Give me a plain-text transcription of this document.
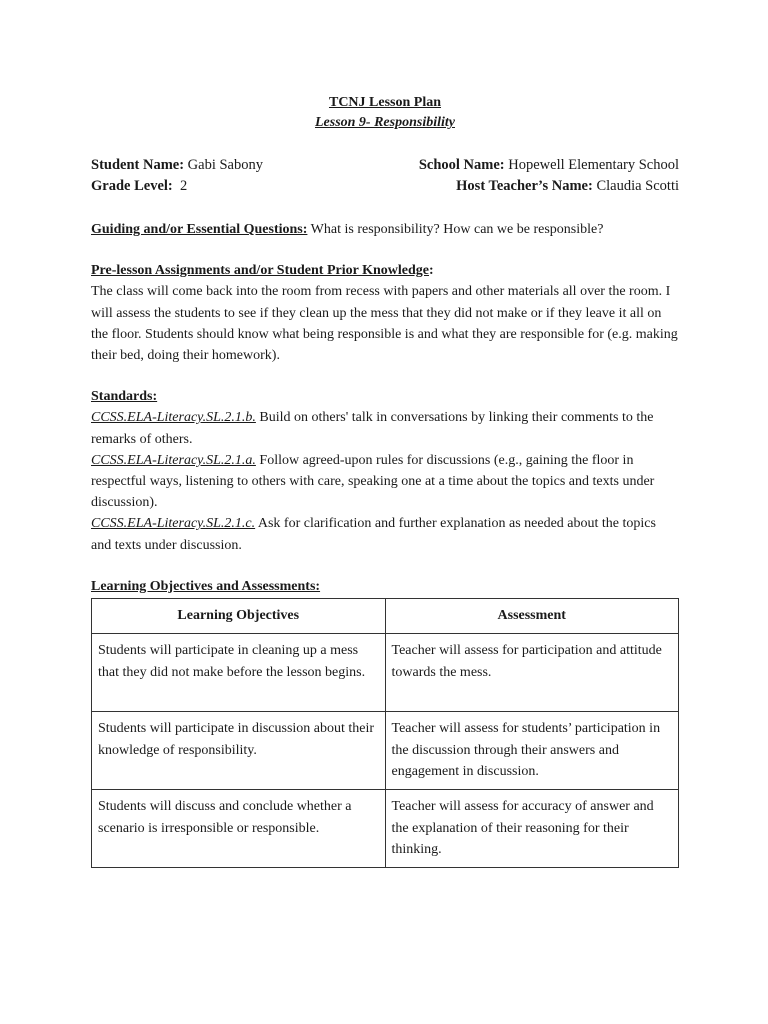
TCNJ Lesson Plan
Lesson 9- Responsibility
Student Name: Gabi Sabony	School Name: Hopewell Elementary School
Grade Level: 2	Host Teacher’s Name: Claudia Scotti
Guiding and/or Essential Questions: What is responsibility? How can we be responsible?
Pre-lesson Assignments and/or Student Prior Knowledge:
The class will come back into the room from recess with papers and other materials all over the room. I will assess the students to see if they clean up the mess that they did not make or if they leave it all on the floor. Students should know what being responsible is and what they are responsible for (e.g. making their bed, doing their homework).
Standards:
CCSS.ELA-Literacy.SL.2.1.b. Build on others' talk in conversations by linking their comments to the remarks of others.
CCSS.ELA-Literacy.SL.2.1.a. Follow agreed-upon rules for discussions (e.g., gaining the floor in respectful ways, listening to others with care, speaking one at a time about the topics and texts under discussion).
CCSS.ELA-Literacy.SL.2.1.c. Ask for clarification and further explanation as needed about the topics and texts under discussion.
Learning Objectives and Assessments:
Learning Objectives	Assessment
Students will participate in cleaning up a mess that they did not make before the lesson begins.	Teacher will assess for participation and attitude towards the mess.
Students will participate in discussion about their knowledge of responsibility.	Teacher will assess for students’ participation in the discussion through their answers and engagement in discussion.
Students will discuss and conclude whether a scenario is irresponsible or responsible.	Teacher will assess for accuracy of answer and the explanation of their reasoning for their thinking.
